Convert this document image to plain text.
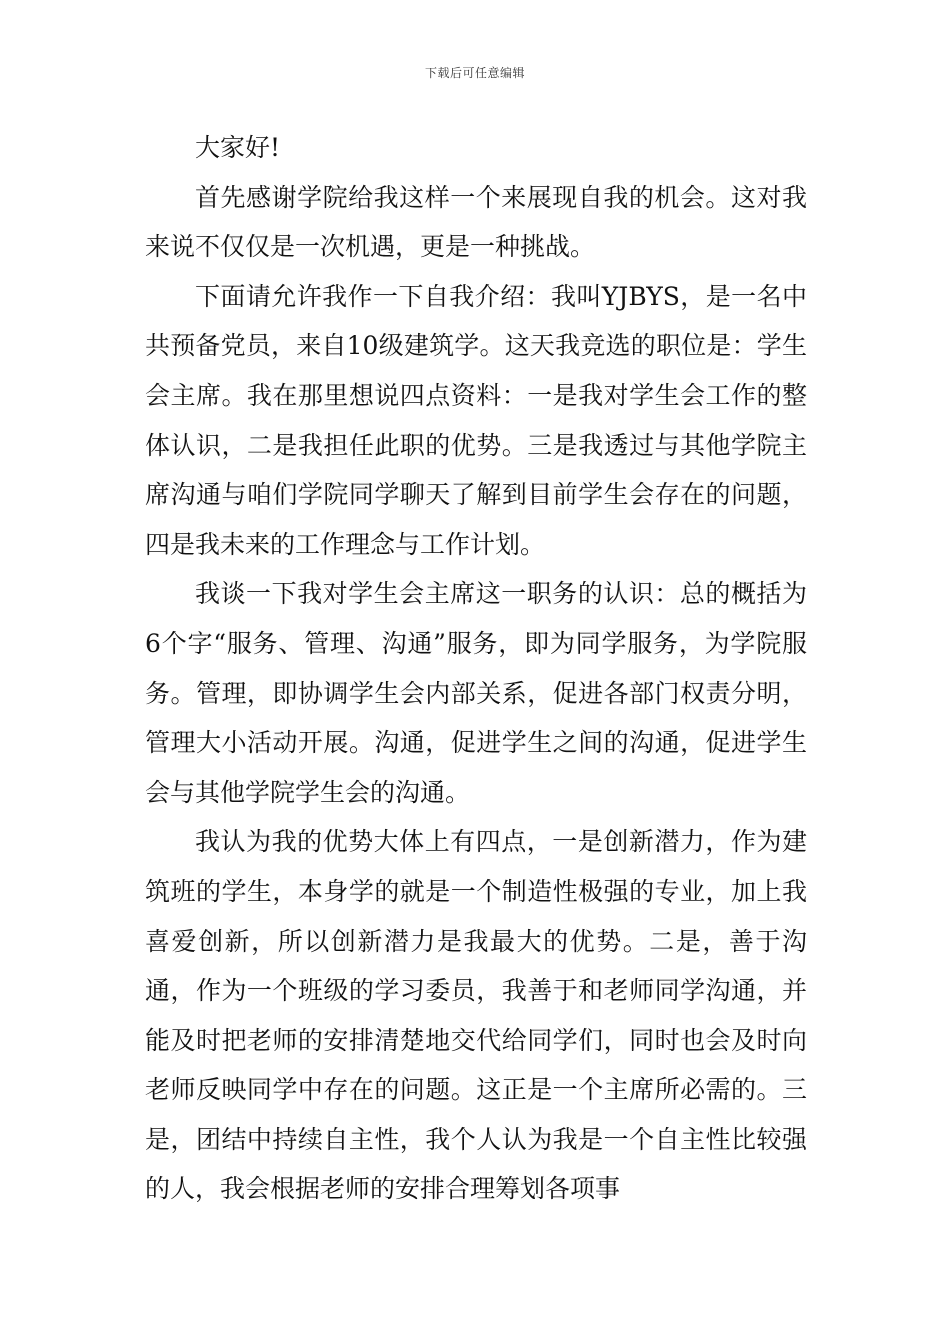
下载后可任意编辑

大家好!

首先感谢学院给我这样一个来展现自我的机会。这对我来说不仅仅是一次机遇，更是一种挑战。

下面请允许我作一下自我介绍：我叫YJBYS，是一名中共预备党员，来自10级建筑学。这天我竞选的职位是：学生会主席。我在那里想说四点资料：一是我对学生会工作的整体认识，二是我担任此职的优势。三是我透过与其他学院主席沟通与咱们学院同学聊天了解到目前学生会存在的问题，四是我未来的工作理念与工作计划。

我谈一下我对学生会主席这一职务的认识：总的概括为6个字“服务、管理、沟通”服务，即为同学服务，为学院服务。管理，即协调学生会内部关系，促进各部门权责分明，管理大小活动开展。沟通，促进学生之间的沟通，促进学生会与其他学院学生会的沟通。

我认为我的优势大体上有四点，一是创新潜力，作为建筑班的学生，本身学的就是一个制造性极强的专业，加上我喜爱创新，所以创新潜力是我最大的优势。二是，善于沟通，作为一个班级的学习委员，我善于和老师同学沟通，并能及时把老师的安排清楚地交代给同学们，同时也会及时向老师反映同学中存在的问题。这正是一个主席所必需的。三是，团结中持续自主性，我个人认为我是一个自主性比较强的人，我会根据老师的安排合理筹划各项事
